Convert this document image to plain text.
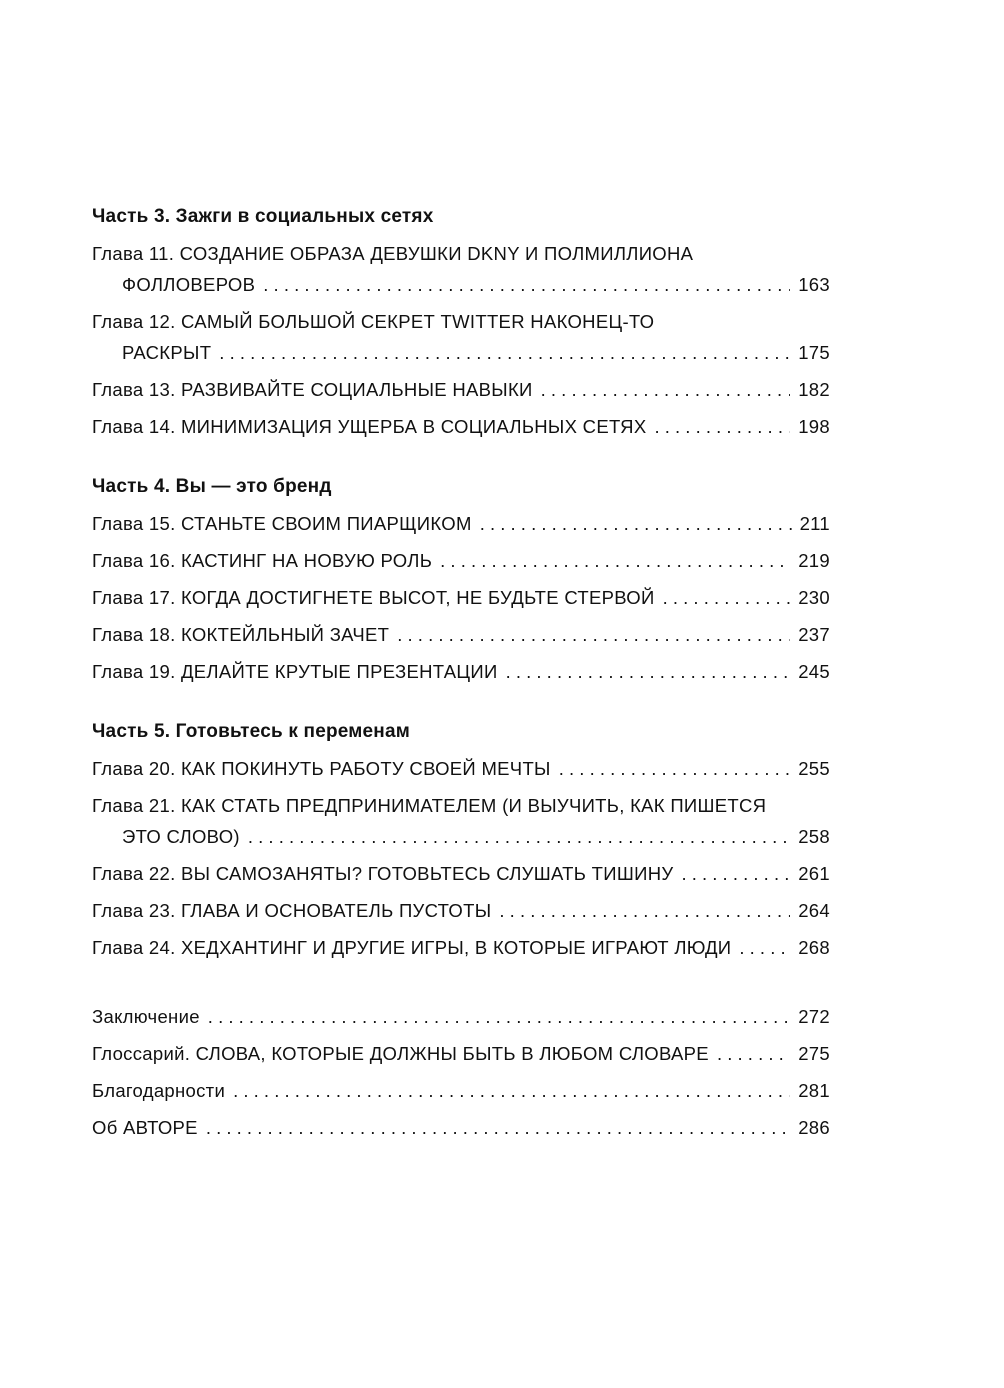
Часть 3. Зажги в социальных сетях
Глава 11. СОЗДАНИЕ ОБРАЗА ДЕВУШКИ DKNY И ПОЛМИЛЛИОНА
ФОЛЛОВЕРОВ . . .	163
Глава 12. САМЫЙ БОЛЬШОЙ СЕКРЕТ TWITTER НАКОНЕЦ-ТО
РАСКРЫТ . . .	175
Глава 13. РАЗВИВАЙТЕ СОЦИАЛЬНЫЕ НАВЫКИ . . .	182
Глава 14. МИНИМИЗАЦИЯ УЩЕРБА В СОЦИАЛЬНЫХ СЕТЯХ . . .	198
Часть 4. Вы — это бренд
Глава 15. СТАНЬТЕ СВОИМ ПИАРЩИКОМ . . .	211
Глава 16. КАСТИНГ НА НОВУЮ РОЛЬ . . .	219
Глава 17. КОГДА ДОСТИГНЕТЕ ВЫСОТ, НЕ БУДЬТЕ СТЕРВОЙ . . .	230
Глава 18. КОКТЕЙЛЬНЫЙ ЗАЧЕТ . . .	237
Глава 19. ДЕЛАЙТЕ КРУТЫЕ ПРЕЗЕНТАЦИИ . . .	245
Часть 5. Готовьтесь к переменам
Глава 20. КАК ПОКИНУТЬ РАБОТУ СВОЕЙ МЕЧТЫ . . .	255
Глава 21. КАК СТАТЬ ПРЕДПРИНИМАТЕЛЕМ (И ВЫУЧИТЬ, КАК ПИШЕТСЯ
ЭТО СЛОВО) . . .	258
Глава 22. ВЫ САМОЗАНЯТЫ? ГОТОВЬТЕСЬ СЛУШАТЬ ТИШИНУ . . .	261
Глава 23. ГЛАВА И ОСНОВАТЕЛЬ ПУСТОТЫ . . .	264
Глава 24. ХЕДХАНТИНГ И ДРУГИЕ ИГРЫ, В КОТОРЫЕ ИГРАЮТ ЛЮДИ . . .	268
Заключение . . .	272
Глоссарий. СЛОВА, КОТОРЫЕ ДОЛЖНЫ БЫТЬ В ЛЮБОМ СЛОВАРЕ . . .	275
Благодарности . . .	281
Об АВТОРЕ . . .	286
